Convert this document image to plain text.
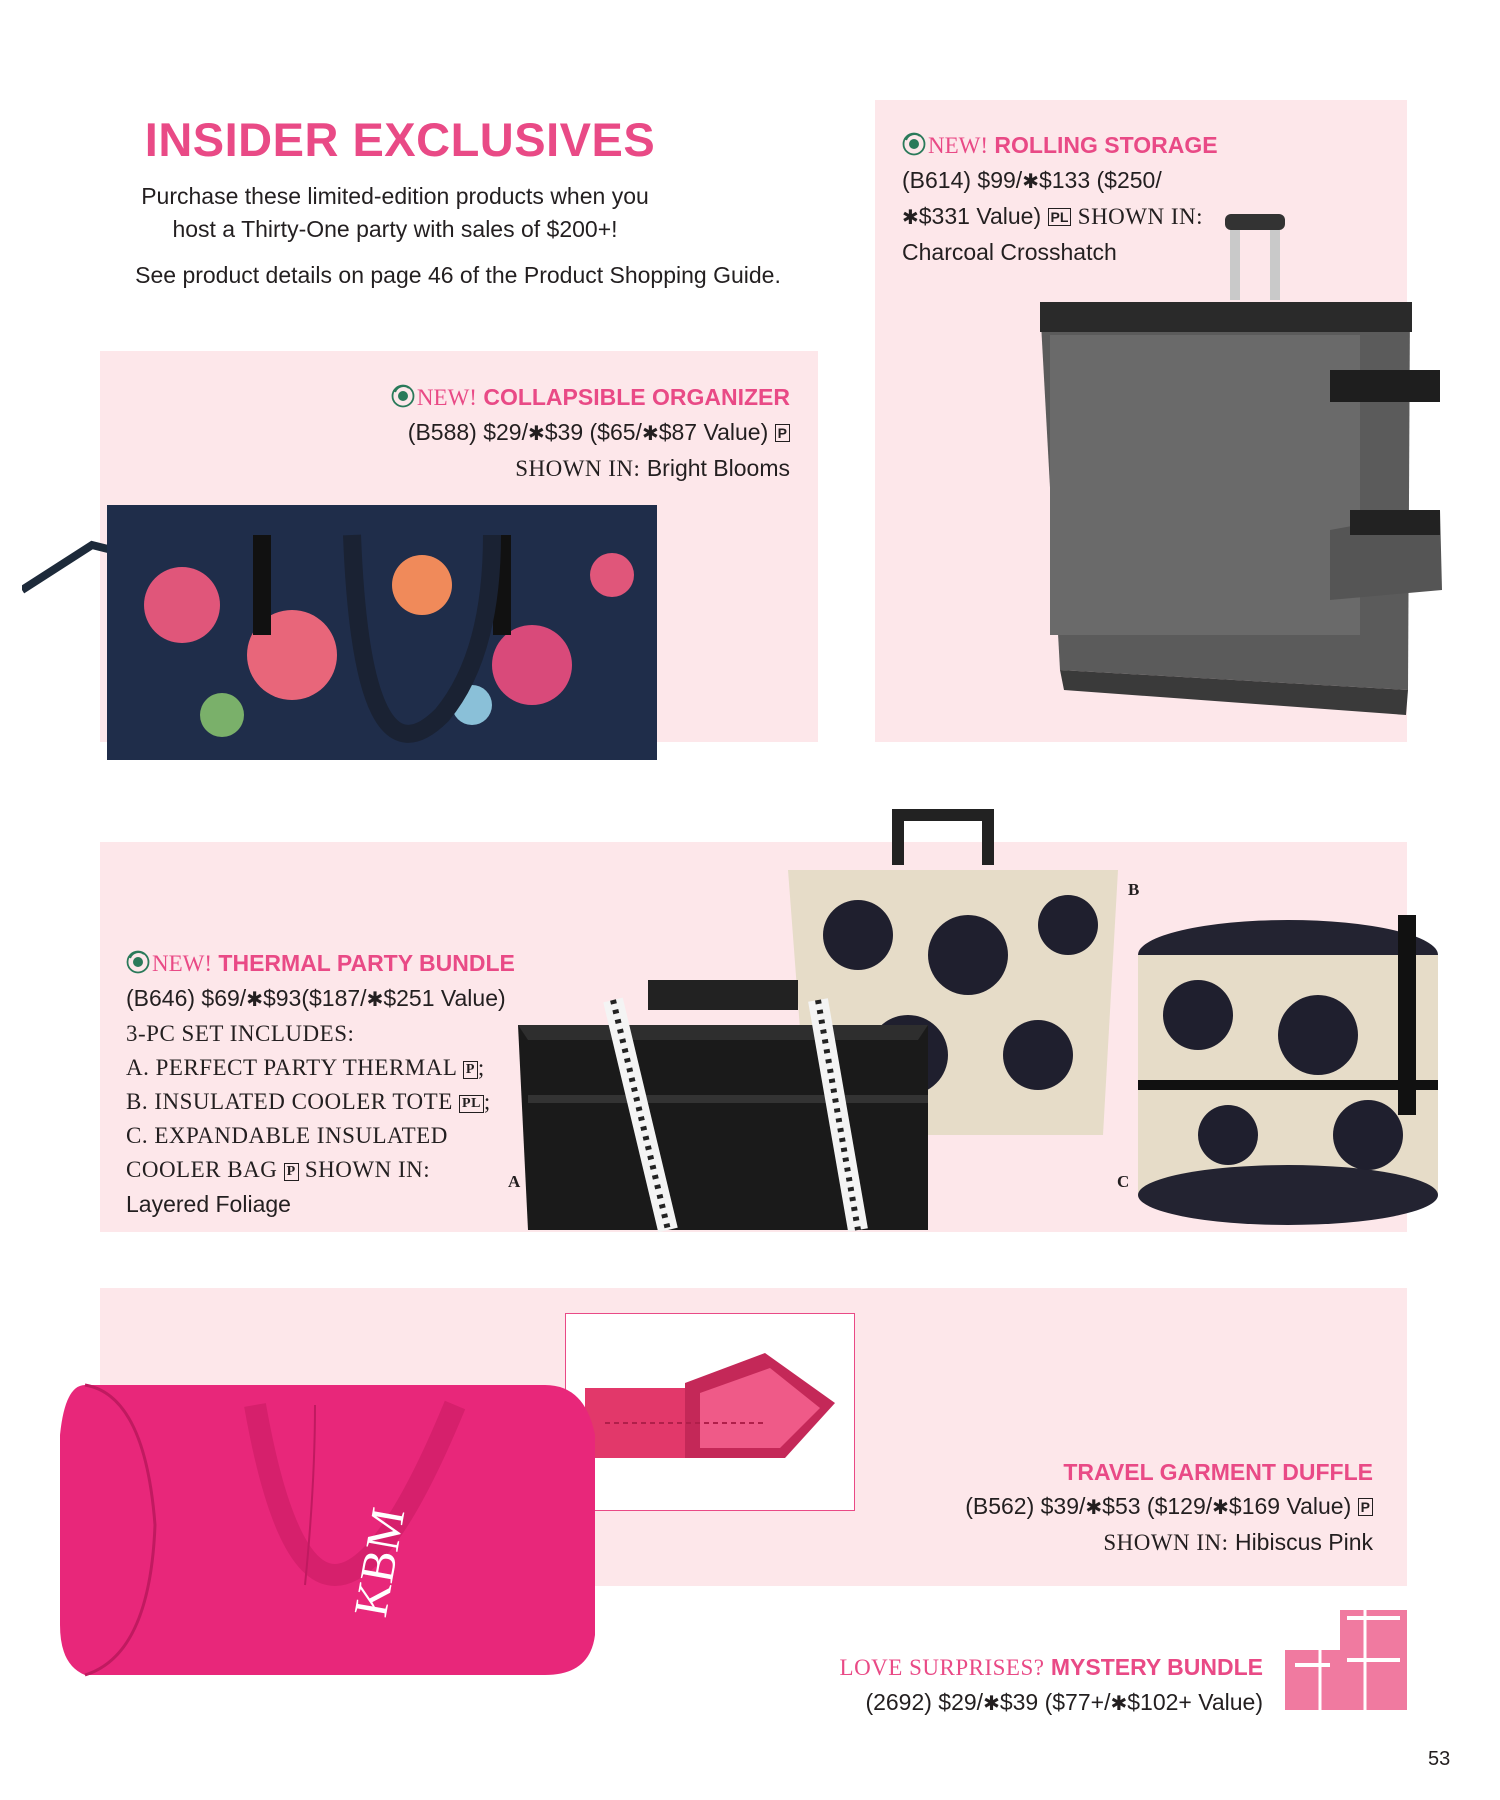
INSIDER EXCLUSIVES
Purchase these limited-edition products when you
host a Thirty-One party with sales of $200+!
See product details on page 46 of the Product Shopping Guide.
NEW! ROLLING STORAGE
(B614) $99/✱$133 ($250/
✱$331 Value) PL SHOWN IN:
Charcoal Crosshatch
NEW! COLLAPSIBLE ORGANIZER
(B588) $29/✱$39 ($65/✱$87 Value) P
SHOWN IN: Bright Blooms
NEW! THERMAL PARTY BUNDLE
(B646) $69/✱$93($187/✱$251 Value)
3-PC SET INCLUDES:
A. PERFECT PARTY THERMAL P ;
B. INSULATED COOLER TOTE PL ;
C. EXPANDABLE INSULATED
COOLER BAG P SHOWN IN:
Layered Foliage
B
A	C
KBM
TRAVEL GARMENT DUFFLE
(B562) $39/✱$53 ($129/✱$169 Value) P
SHOWN IN: Hibiscus Pink
LOVE SURPRISES? MYSTERY BUNDLE
(2692) $29/✱$39 ($77+/✱$102+ Value)
53
